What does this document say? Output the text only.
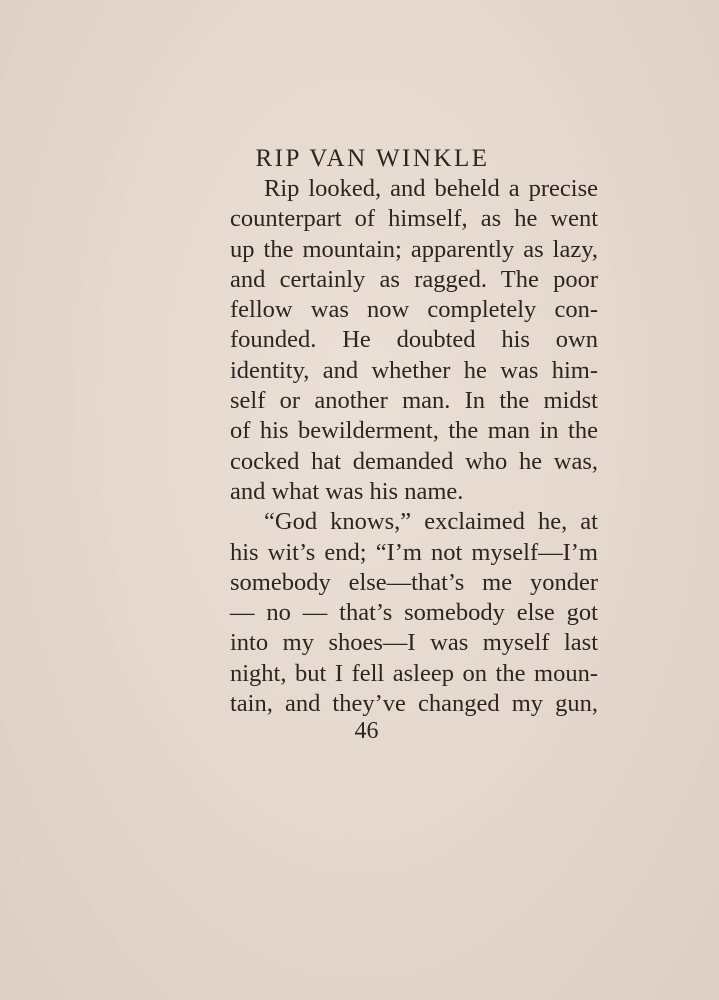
RIP VAN WINKLE
Rip looked, and beheld a precise
counterpart of himself, as he went
up the mountain; apparently as lazy,
and certainly as ragged. The poor
fellow was now completely con-
founded. He doubted his own
identity, and whether he was him-
self or another man. In the midst
of his bewilderment, the man in the
cocked hat demanded who he was,
and what was his name.
“God knows,” exclaimed he, at
his wit’s end; “I’m not myself—I’m
somebody else—that’s me yonder
— no — that’s somebody else got
into my shoes—I was myself last
night, but I fell asleep on the moun-
tain, and they’ve changed my gun,
46
